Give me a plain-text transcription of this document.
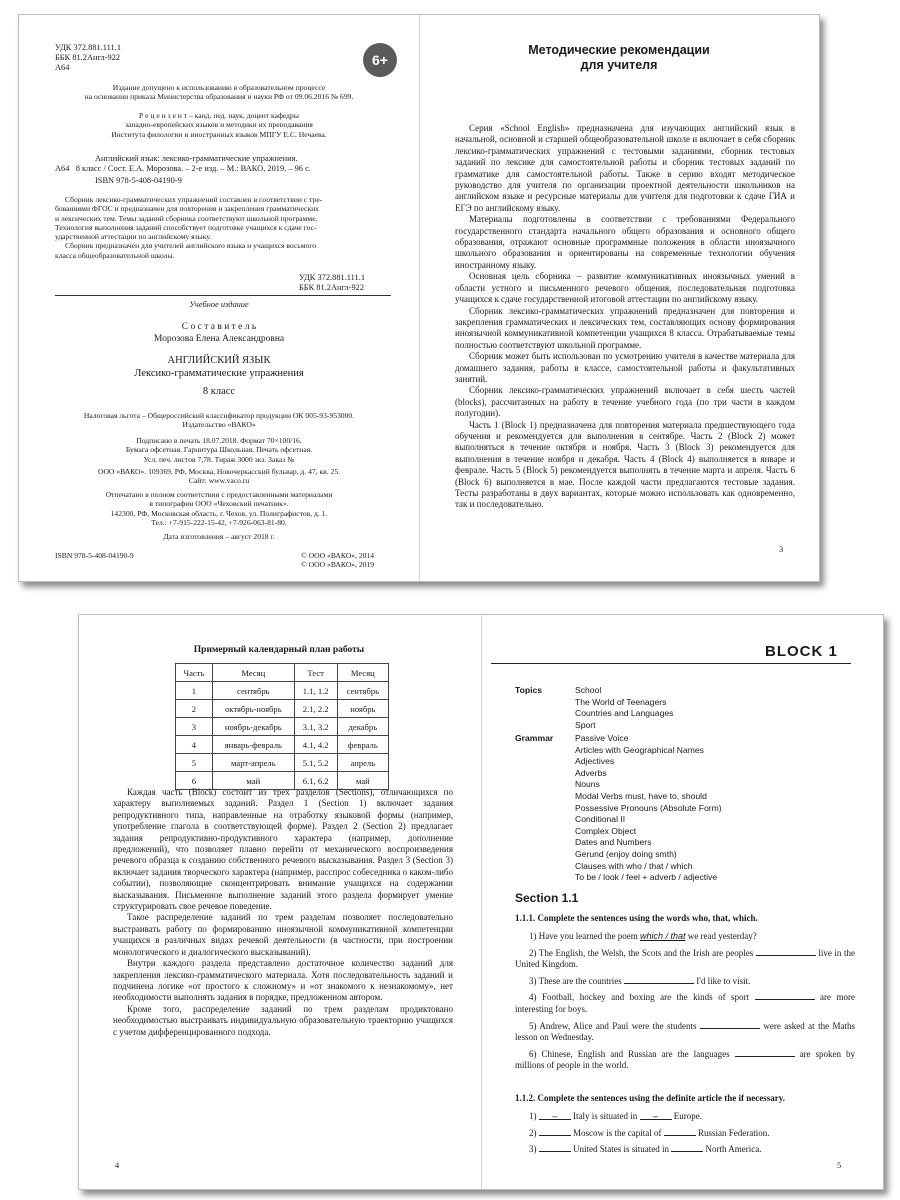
УДК 372.881.111.1
ББК 81.2Англ-922
А64	6+
Издание допущено к использованию в образовательном процессе
на основании приказа Министерства образования и науки РФ от 09.06.2016 № 699.
Р е ц е н з е н т – канд. пед. наук, доцент кафедры
западно-европейских языков и методики их преподавания
Института филологии и иностранных языков МПГУ Е.С. Нечаева.
Английский язык: лексико-грамматические упражнения.
А64 8 класс / Сост. Е.А. Морозова. – 2-е изд. – М.: ВАКО, 2019. – 96 с.
ISBN 978-5-408-04190-9
Сборник лексико-грамматических упражнений составлен в соответствии с тре-
бованиями ФГОС и предназначен для повторения и закрепления грамматических
и лексических тем. Темы заданий сборника соответствуют школьной программе.
Технология выполнения заданий способствует подготовке учащихся к сдаче гос-
ударственной аттестации по английскому языку.
Сборник предназначен для учителей английского языка и учащихся восьмого
класса общеобразовательной школы.
УДК 372.881.111.1
ББК 81.2Англ-922
Учебное издание
С о с т а в и т е л ь
Морозова Елена Александровна
АНГЛИЙСКИЙ ЯЗЫК
Лексико-грамматические упражнения
8 класс
Налоговая льгота – Общероссийский классификатор продукции ОК 005-93-953000.
Издательство «ВАКО»
Подписано в печать 18.07.2018. Формат 70×100/16.
Бумага офсетная. Гарнитура Школьная. Печать офсетная.
Усл. печ. листов 7,78. Тираж 3000 экз. Заказ №
ООО «ВАКО». 109369, РФ, Москва, Новочеркасский бульвар, д. 47, кв. 25.
Сайт: www.vaco.ru
Отпечатано в полном соответствии с предоставленными материалами
в типографии ООО «Чеховский печатник».
142300, РФ, Московская область, г. Чехов, ул. Полиграфистов, д. 1.
Тел.: +7-915-222-15-42, +7-926-063-81-80.
Дата изготовления – август 2018 г.
ISBN 978-5-408-04190-9	© ООО «ВАКО», 2014
© ООО «ВАКО», 2019
Методические рекомендации
для учителя

Серия «School English» предназначена для изучающих английский язык в начальной, основной и старшей общеобразовательной школе и включает в себя сборник лексико-грамматических упражнений с тестовыми заданиями, сборник тестовых заданий по лексике для самостоятельной работы и сборник тестовых заданий по грамматике для самостоятельной работы. Также в серию входят методическое руководство для учителя по организации проектной деятельности школьников на английском языке и ресурсные материалы для учителя для подготовки к сдаче ГИА и ЕГЭ по английскому языку.

Материалы подготовлены в соответствии с требованиями Федерального государственного стандарта начального общего образования и основного общего образования, отражают основные программные положения в области иноязычного школьного образования и ориентированы на современные технологии обучения иностранному языку.

Основная цель сборника – развитие коммуникативных иноязычных умений в области устного и письменного речевого общения, последовательная подготовка учащихся к сдаче государственной итоговой аттестации по английскому языку.

Сборник лексико-грамматических упражнений предназначен для повторения и закрепления грамматических и лексических тем, составляющих основу формирования иноязычной коммуникативной компетенции учащихся 8 класса. Отрабатываемые темы полностью соответствуют школьной программе.

Сборник может быть использован по усмотрению учителя в качестве материала для домашнего задания, работы в классе, самостоятельной работы и факультативных занятий.

Сборник лексико-грамматических упражнений включает в себя шесть частей (blocks), рассчитанных на работу в течение учебного года (по три части в каждом полугодии).

Часть 1 (Block 1) предназначена для повторения материала предшествующего года обучения и рекомендуется для выполнения в сентябре. Часть 2 (Block 2) может выполняться в течение октября и ноября. Часть 3 (Block 3) рекомендуется для выполнения в течение ноября и декабря. Часть 4 (Block 4) выполняется в январе и феврале. Часть 5 (Block 5) рекомендуется выполнять в течение марта и апреля. Часть 6 (Block 6) выполняется в мае. После каждой части предлагаются тестовые задания. Тесты разработаны в двух вариантах, которые можно использовать как одновременно, так и последовательно.

3
Примерный календарный план работы
Часть	Месяц	Тест	Месяц
1	сентябрь	1.1, 1.2	сентябрь
2	октябрь-ноябрь	2.1, 2.2	ноябрь
3	ноябрь-декабрь	3.1, 3.2	декабрь
4	январь-февраль	4.1, 4.2	февраль
5	март-апрель	5.1, 5.2	апрель
6	май	6.1, 6.2	май

Каждая часть (Block) состоит из трех разделов (Sections), отличающихся по характеру выполняемых заданий. Раздел 1 (Section 1) включает задания репродуктивного типа, направленные на отработку языковой формы (например, употребление глагола в соответствующей форме). Раздел 2 (Section 2) предлагает задания репродуктивно-продуктивного характера (например, дополнение предложений), что позволяет плавно перейти от механического воспроизведения речевого образца к созданию собственного речевого высказывания. Раздел 3 (Section 3) включает задания творческого характера (например, расспрос собеседника о каком-либо событии), позволяющие сконцентрировать внимание учащихся на содержании высказывания. Письменное выполнение заданий этого раздела формирует умение структурировать свое речевое поведение.

Такое распределение заданий по трем разделам позволяет последовательно выстраивать работу по формированию иноязычной коммуникативной компетенции учащихся в различных видах речевой деятельности (в частности, при построении монологического и диалогического высказываний).

Внутри каждого раздела представлено достаточное количество заданий для закрепления лексико-грамматического материала. Хотя последовательность заданий и подчинена логике «от простого к сложному» и «от знакомого к незнакомому», нет необходимости выполнять задания в порядке, предложенном автором.

Кроме того, распределение заданий по трем разделам продиктовано необходимостью выстраивать индивидуальную образовательную траекторию учащихся с учетом дифференцированного подхода.

4
BLOCK 1
Topics	School
The World of Teenagers
Countries and Languages
Sport
Grammar	Passive Voice
Articles with Geographical Names
Adjectives
Adverbs
Nouns
Modal Verbs must, have to, should
Possessive Pronouns (Absolute Form)
Conditional II
Complex Object
Dates and Numbers
Gerund (enjoy doing smth)
Clauses with who / that / which
To be / look / feel + adverb / adjective
Section 1.1
1.1.1. Complete the sentences using the words who, that, which.

1) Have you learned the poem which / that we read yesterday?

2) The English, the Welsh, the Scots and the Irish are peoples	live in the United Kingdom.

3) These are the countries	I'd like to visit.

4) Football, hockey and boxing are the kinds of sport	are more interesting for boys.

5) Andrew, Alice and Paul were the students	were asked at the Maths lesson on Wednesday.

6) Chinese, English and Russian are the languages	are spoken by millions of people in the world.

1.1.2. Complete the sentences using the definite article the if necessary.

1) – Italy is situated in – Europe.

2)	Moscow is the capital of	Russian Federation.

3)	United States is situated in	North America.

5
